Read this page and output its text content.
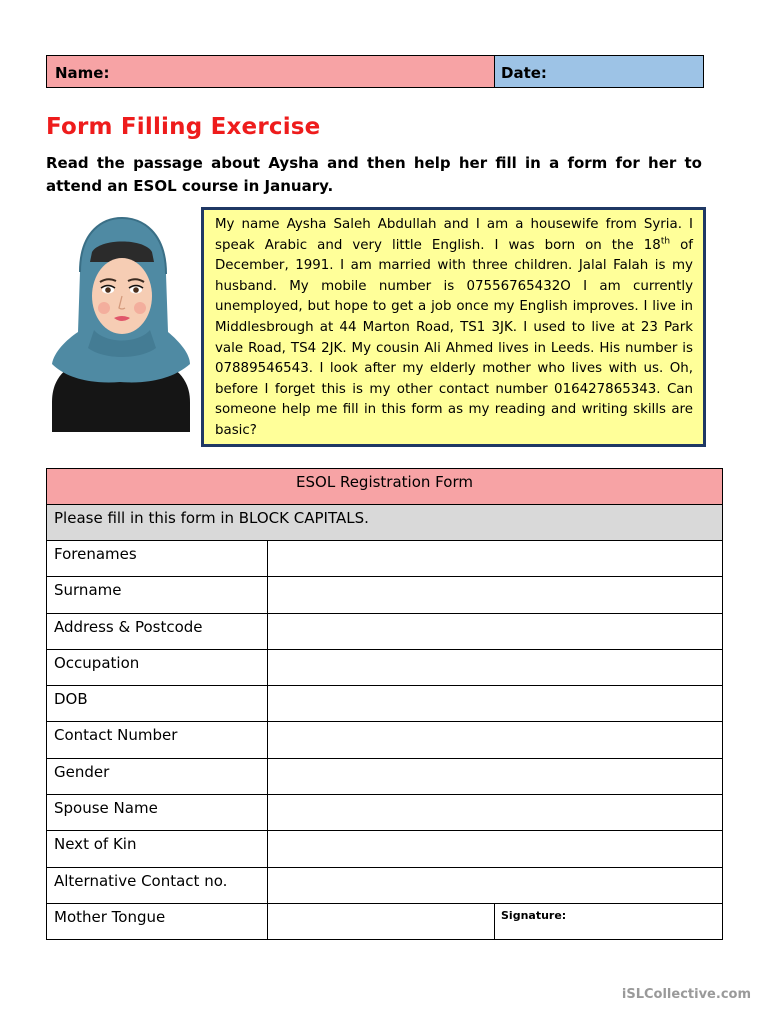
Name:	Date:
Form Filling Exercise

Read the passage about Aysha and then help her fill in a form for her to attend an ESOL course in January.

My name Aysha Saleh Abdullah and I am a housewife from Syria. I speak Arabic and very little English. I was born on the 18th of December, 1991. I am married with three children. Jalal Falah is my husband. My mobile number is 07556765432O I am currently unemployed, but hope to get a job once my English improves. I live in Middlesbrough at 44 Marton Road, TS1 3JK. I used to live at 23 Park vale Road, TS4 2JK. My cousin Ali Ahmed lives in Leeds. His number is 07889546543. I look after my elderly mother who lives with us. Oh, before I forget this is my other contact number 016427865343. Can someone help me fill in this form as my reading and writing skills are basic?
ESOL Registration Form		
Please fill in this form in BLOCK CAPITALS.		
Forenames		
Surname		
Address & Postcode		
Occupation		
DOB		
Contact Number		
Gender		
Spouse Name		
Next of Kin		
Alternative Contact no.		
Mother Tongue		Signature:
iSLCollective.com
